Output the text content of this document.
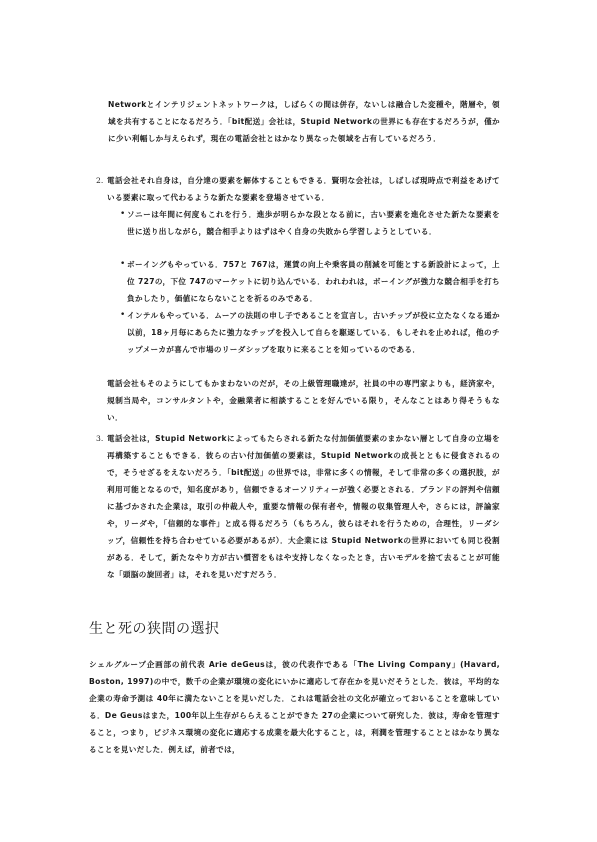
Networkとインテリジェントネットワークは，しばらくの間は併存，ないしは融合した変種や，階層や，領域を共有することになるだろう．「bit配送」会社は，Stupid Networkの世界にも存在するだろうが，僅かに少い利幅しか与えられず，現在の電話会社とはかなり異なった領域を占有しているだろう．

2. 電話会社それ自身は，自分達の要素を解体することもできる．賢明な会社は，しばしば現時点で利益をあげている要素に取って代わるような新たな要素を登場させている．

• ソニーは年間に何度もこれを行う．進歩が明らかな段となる前に，古い要素を進化させた新たな要素を世に送り出しながら，競合相手よりはずはやく自身の失敗から学習しようとしている．

• ボーイングもやっている．757と 767は，運賃の向上や乗客員の削減を可能とする新設計によって，上位 727の，下位 747のマーケットに切り込んでいる．われわれは，ボーイングが強力な競合相手を打ち負かしたり，価値にならないことを祈るのみである．

• インテルもやっている．ムーアの法則の申し子であることを宣言し，古いチップが役に立たなくなる遥か以前，18ヶ月毎にあらたに強力なチップを投入して自らを駆逐している．もしそれを止めれば，他のチップメーカが喜んで市場のリーダシップを取りに来ることを知っているのである．

電話会社もそのようにしてもかまわないのだが，その上級管理職達が，社員の中の専門家よりも，経済家や，規制当局や，コンサルタントや，金融業者に相談することを好んでいる限り，そんなことはあり得そうもない．

3. 電話会社は，Stupid Networkによってもたらされる新たな付加価値要素のまかない層として自身の立場を再構築することもできる．彼らの古い付加価値の要素は，Stupid Networkの成長とともに侵食されるので，そうせざるをえないだろう．「bit配送」の世界では，非常に多くの情報，そして非常の多くの選択肢，が利用可能となるので，知名度があり，信頼できるオーソリティーが強く必要とされる．ブランドの評判や信頼に基づかされた企業は，取引の仲裁人や，重要な情報の保有者や，情報の収集管理人や，さらには，評論家や，リーダや，「信頼的な事件」と成る得るだろう（もちろん，彼らはそれを行うための，合理性，リーダシップ，信頼性を持ち合わせている必要があるが）．大企業には Stupid Networkの世界においても同じ役割がある．そして，新たなやり方が古い慣習をもはや支持しなくなったとき，古いモデルを捨て去ることが可能な「頭脳の旋回者」は，それを見いだすだろう．

生と死の狭間の選択

シェルグループ企画部の前代表 Arie deGeusは，彼の代表作である「The Living Company」(Havard, Boston, 1997)の中で，数千の企業が環境の変化にいかに適応して存在かを見いだそうとした．彼は，平均的な企業の寿命予測は 40年に満たないことを見いだした．これは電話会社の文化が確立っておいることを意味している．De Geusはまた，100年以上生存がららえることができた 27の企業について研究した．彼は，寿命を管理すること，つまり，ビジネス環境の変化に適応する成業を最大化すること，は，利潤を管理することとはかなり異なることを見いだした．例えば，前者では，
